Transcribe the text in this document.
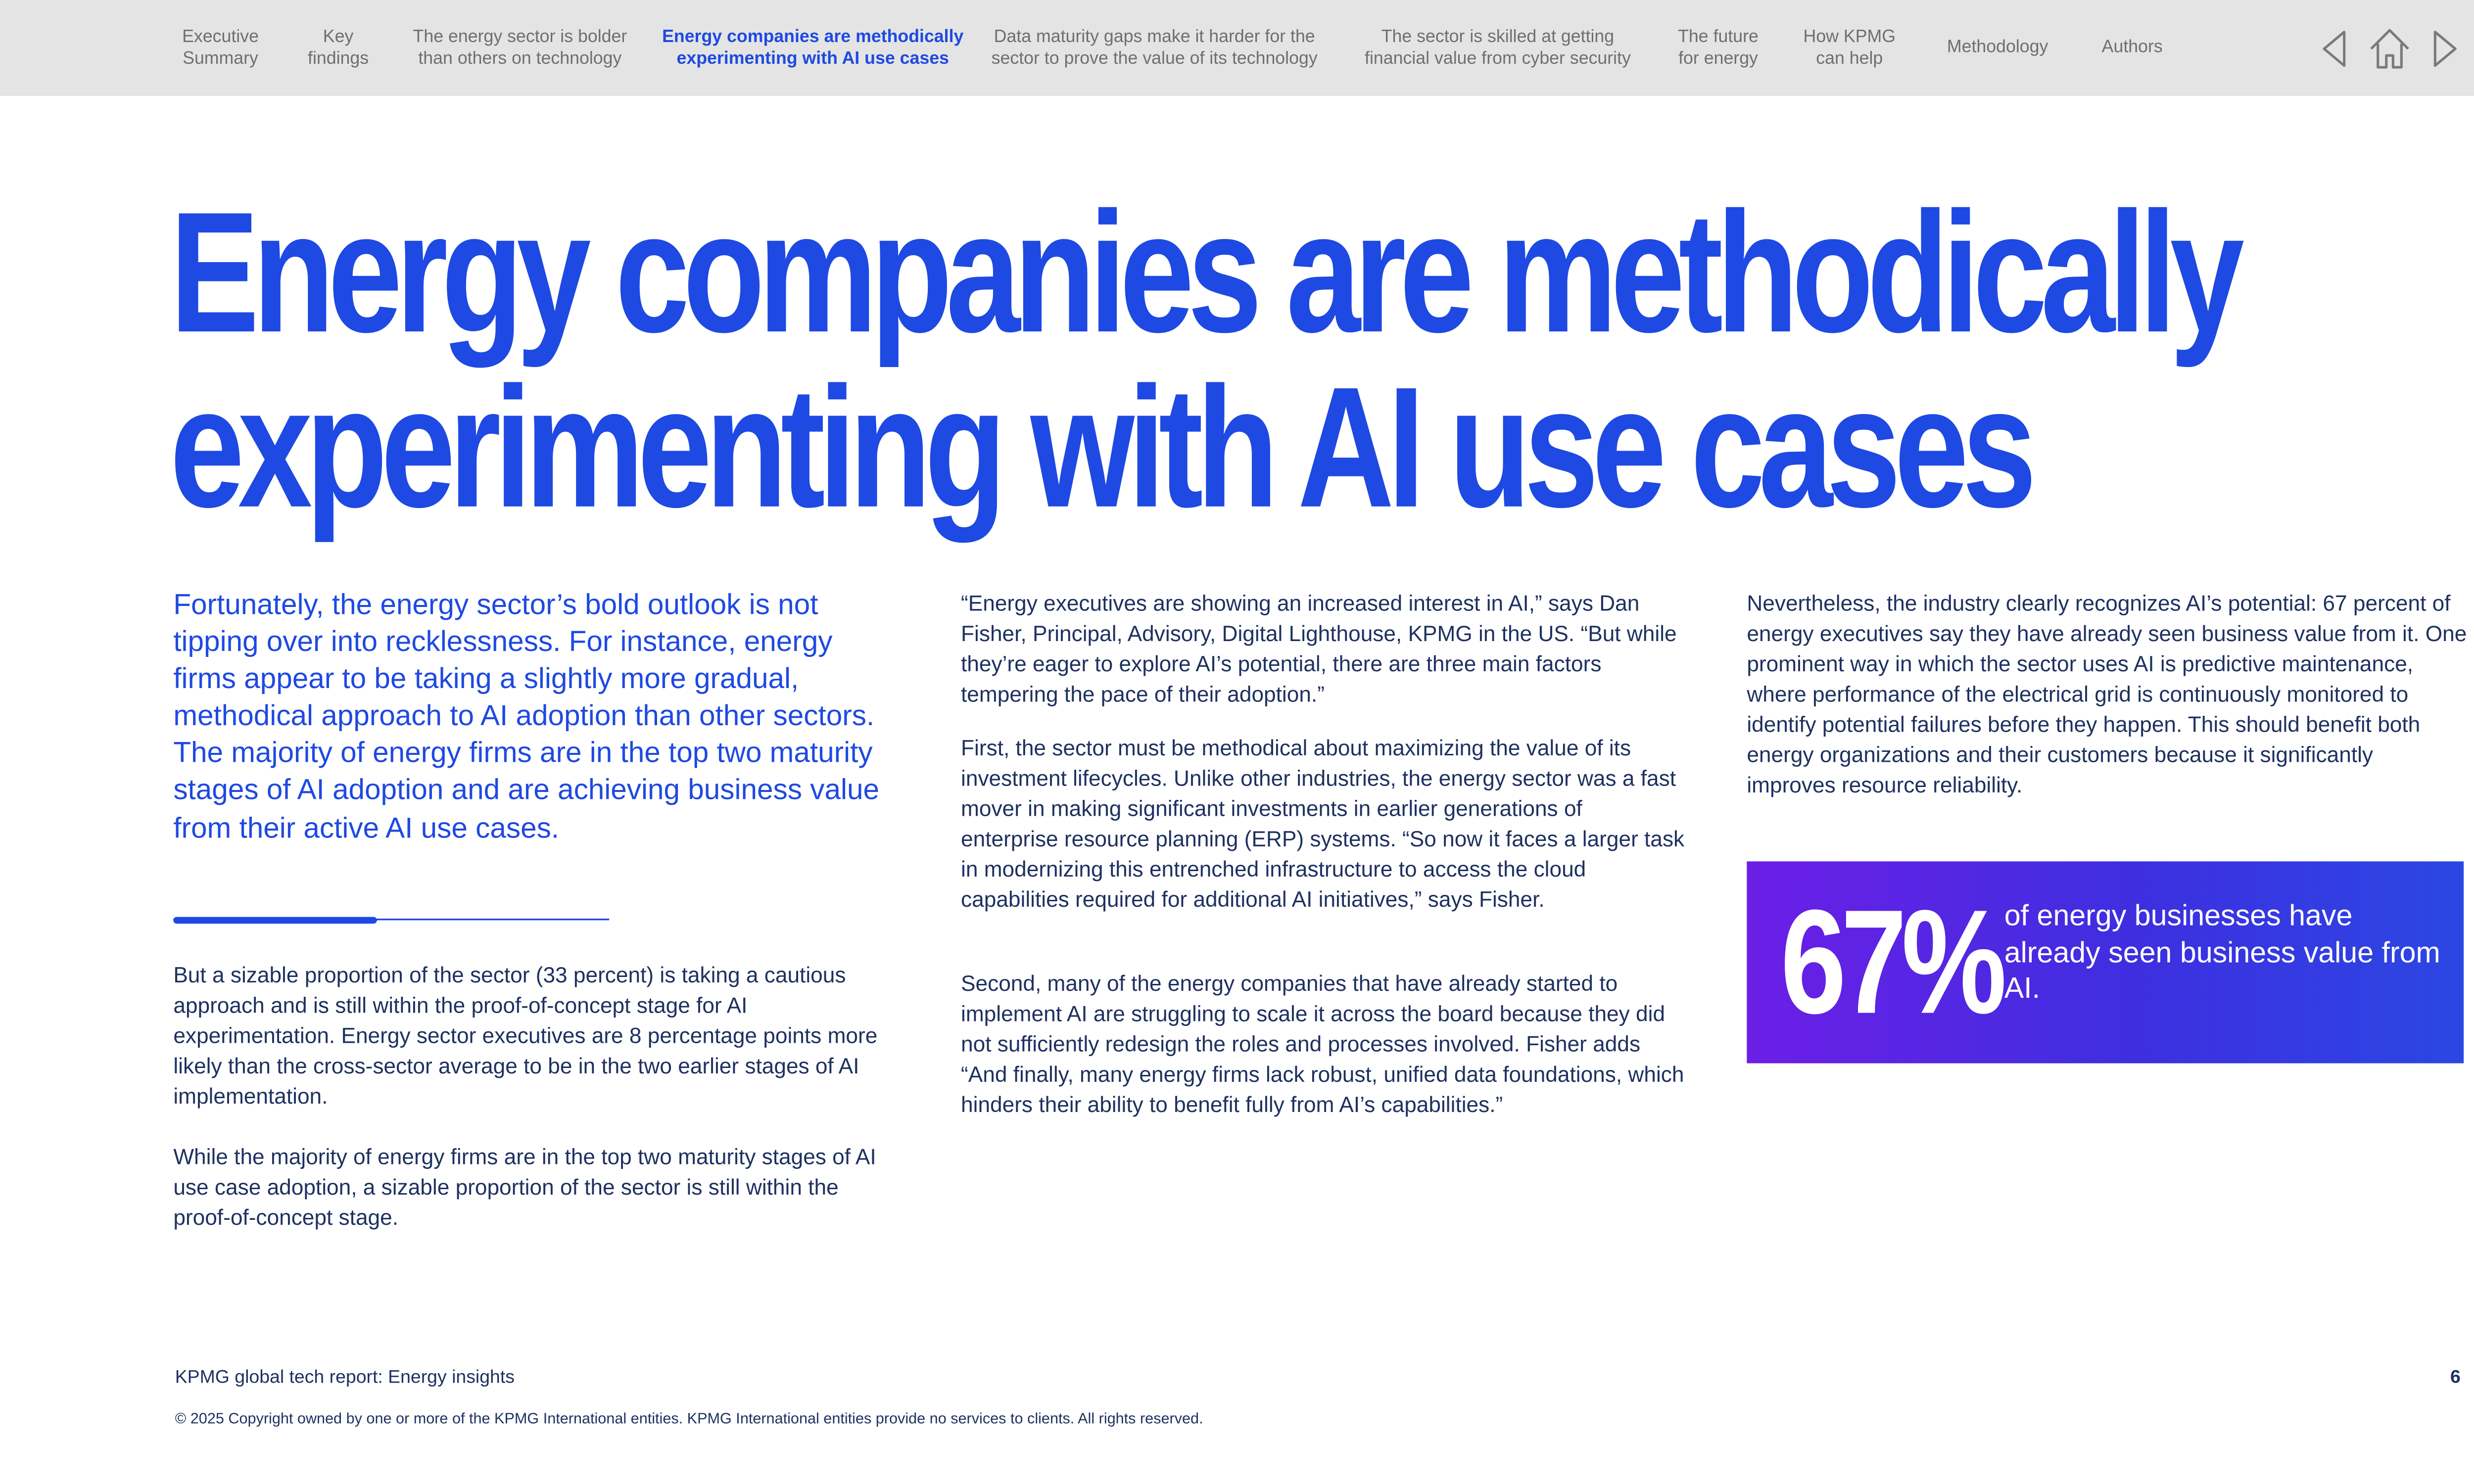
Executive
Summary
Key
findings
The energy sector is bolder
than others on technology
Energy companies are methodically
experimenting with AI use cases
Data maturity gaps make it harder for the
sector to prove the value of its technology
The sector is skilled at getting
financial value from cyber security
The future
for energy
How KPMG
can help
Methodology	Authors
Energy companies are methodically
experimenting with AI use cases

Fortunately, the energy sector’s bold outlook is not tipping over into recklessness. For instance, energy firms appear to be taking a slightly more gradual, methodical approach to AI adoption than other sectors. The majority of energy firms are in the top two maturity stages of AI adoption and are achieving business value from their active AI use cases.

But a sizable proportion of the sector (33 percent) is taking a cautious approach and is still within the proof-of-concept stage for AI experimentation. Energy sector executives are 8 percentage points more likely than the cross-sector average to be in the two earlier stages of AI implementation.

While the majority of energy firms are in the top two maturity stages of AI use case adoption, a sizable proportion of the sector is still within the proof-of-concept stage.

“Energy executives are showing an increased interest in AI,” says Dan Fisher, Principal, Advisory, Digital Lighthouse, KPMG in the US. “But while they’re eager to explore AI’s potential, there are three main factors tempering the pace of their adoption.”

First, the sector must be methodical about maximizing the value of its investment lifecycles. Unlike other industries, the energy sector was a fast mover in making significant investments in earlier generations of enterprise resource planning (ERP) systems. “So now it faces a larger task in modernizing this entrenched infrastructure to access the cloud capabilities required for additional AI initiatives,” says Fisher.

Second, many of the energy companies that have already started to implement AI are struggling to scale it across the board because they did not sufficiently redesign the roles and processes involved. Fisher adds “And finally, many energy firms lack robust, unified data foundations, which hinders their ability to benefit fully from AI’s capabilities.”

Nevertheless, the industry clearly recognizes AI’s potential: 67 percent of energy executives say they have already seen business value from it. One prominent way in which the sector uses AI is predictive maintenance, where performance of the electrical grid is continuously monitored to identify potential failures before they happen. This should benefit both energy organizations and their customers because it significantly improves resource reliability.

67% of energy businesses have already seen business value from AI.

KPMG global tech report: Energy insights	6
© 2025 Copyright owned by one or more of the KPMG International entities. KPMG International entities provide no services to clients. All rights reserved.
